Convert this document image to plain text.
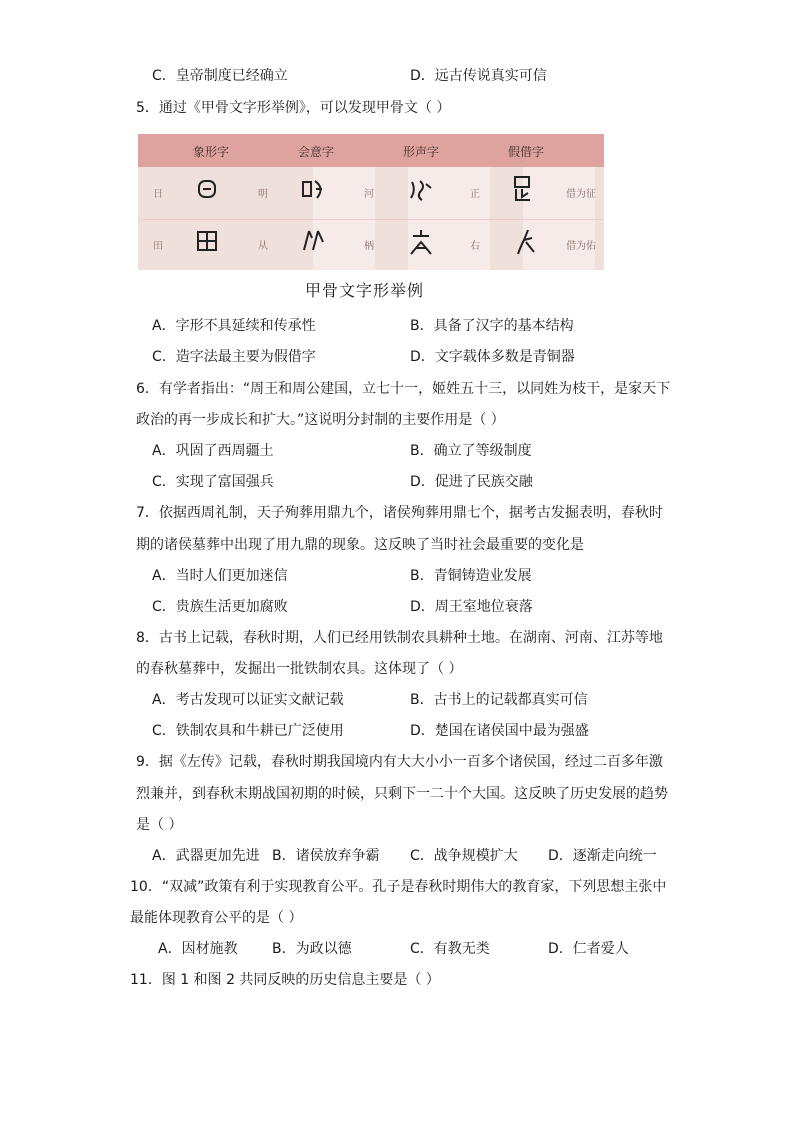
C．皇帝制度已经确立	D．远古传说真实可信
5．通过《甲骨文字形举例》，可以发现甲骨文（ ）
象形字	会意字	形声字	假借字
日	明	河	正	借为征
田	从	柄	右	借为佑
甲骨文字形举例
A．字形不具延续和传承性	B．具备了汉字的基本结构
C．造字法最主要为假借字	D．文字载体多数是青铜器
6．有学者指出：“周王和周公建国，立七十一，姬姓五十三，以同姓为枝干，是家天下
政治的再一步成长和扩大。”这说明分封制的主要作用是（ ）
A．巩固了西周疆土	B．确立了等级制度
C．实现了富国强兵	D．促进了民族交融
7．依据西周礼制，天子殉葬用鼎九个，诸侯殉葬用鼎七个，据考古发掘表明，春秋时
期的诸侯墓葬中出现了用九鼎的现象。这反映了当时社会最重要的变化是
A．当时人们更加迷信	B．青铜铸造业发展
C．贵族生活更加腐败	D．周王室地位衰落
8．古书上记载，春秋时期，人们已经用铁制农具耕种土地。在湖南、河南、江苏等地
的春秋墓葬中，发掘出一批铁制农具。这体现了（ ）
A．考古发现可以证实文献记载	B．古书上的记载都真实可信
C．铁制农具和牛耕已广泛使用	D．楚国在诸侯国中最为强盛
9．据《左传》记载，春秋时期我国境内有大大小小一百多个诸侯国，经过二百多年激
烈兼并，到春秋末期战国初期的时候，只剩下一二十个大国。这反映了历史发展的趋势
是（ ）
A．武器更加先进 B．诸侯放弃争霸 C．战争规模扩大 D．逐渐走向统一
10．“双减”政策有利于实现教育公平。孔子是春秋时期伟大的教育家，下列思想主张中
最能体现教育公平的是（ ）
A．因材施教 B．为政以德	C．有教无类	D．仁者爱人
11．图 1 和图 2 共同反映的历史信息主要是（ ）
